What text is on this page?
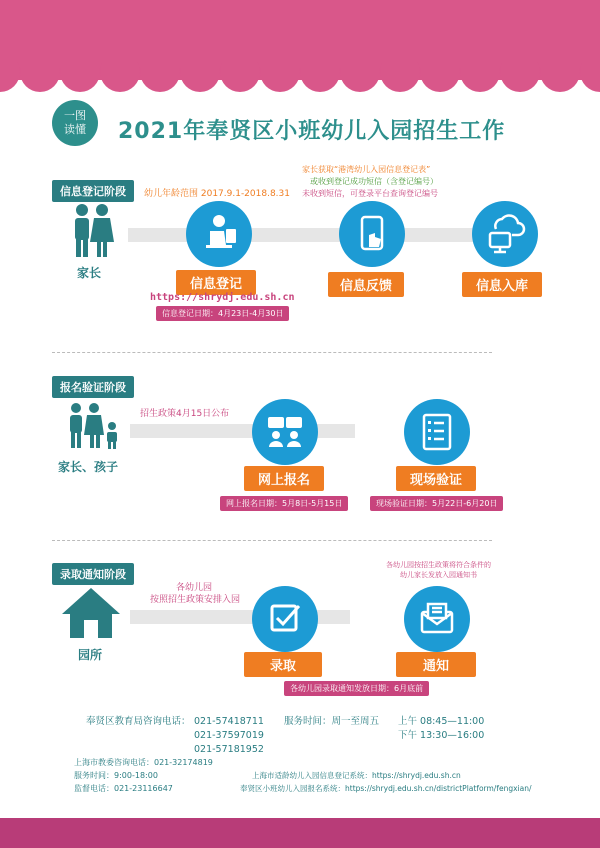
一图
读懂	2021年奉贤区小班幼儿入园招生工作
信息登记阶段
家长
幼儿年龄范围 2017.9.1-2018.8.31
家长获取“港湾幼儿入园信息登记表”
或收到登记成功短信（含登记编号）
未收到短信，可登录平台查询登记编号
信息登记	信息反馈	信息入库
https://shrydj.edu.sh.cn
信息登记日期：4月23日-4月30日
报名验证阶段
家长、孩子
招生政策4月15日公布
网上报名	现场验证
网上报名日期：5月8日-5月15日	现场验证日期：5月22日-6月20日
录取通知阶段
园所
各幼儿园
按照招生政策安排入园
各幼儿园按招生政策将符合条件的
幼儿家长发放入园通知书
录取	通知
各幼儿园录取通知发放日期：6月底前
奉贤区教育局咨询电话： 021-57418711
021-37597019
021-57181952
服务时间：周一至周五 上午 08:45—11:00
下午 13:30—16:00
上海市教委咨询电话：021-32174819
服务时间：9:00-18:00
监督电话：021-23116647
上海市适龄幼儿入园信息登记系统：https://shrydj.edu.sh.cn
奉贤区小班幼儿入园报名系统：https://shrydj.edu.sh.cn/districtPlatform/fengxian/
